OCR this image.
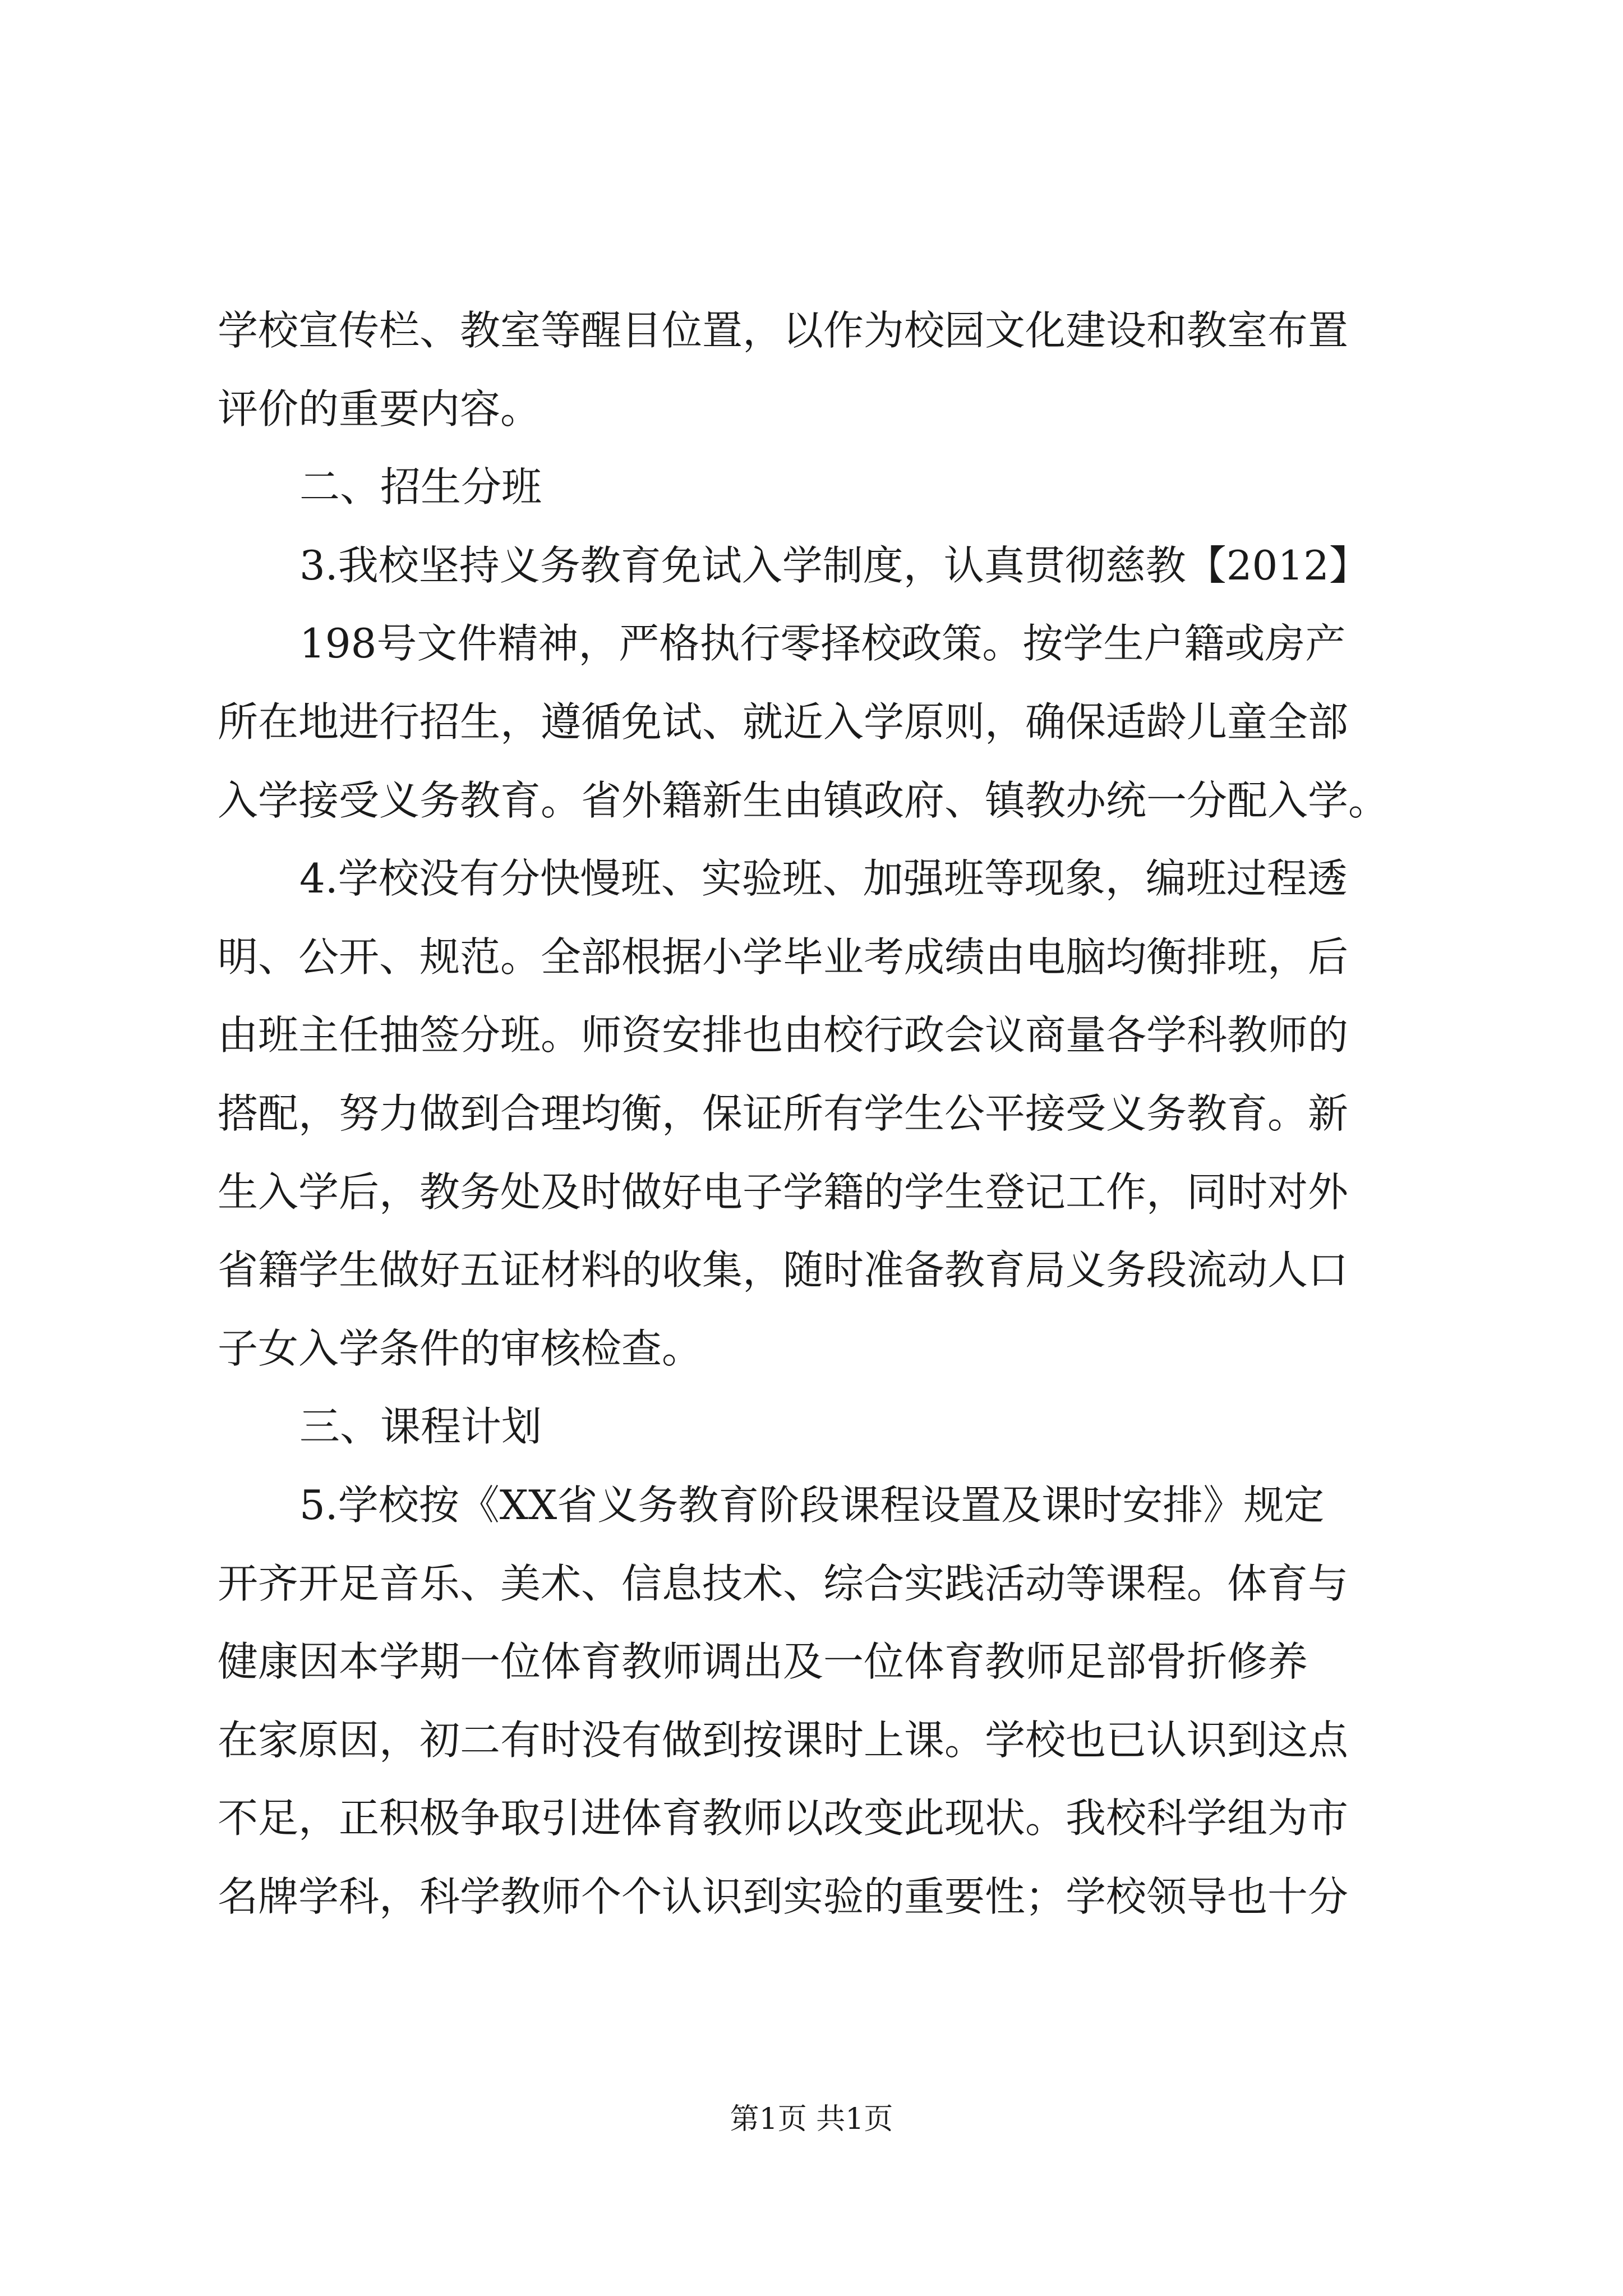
学校宣传栏、教室等醒目位置，以作为校园文化建设和教室布置
评价的重要内容。
二、招生分班
3.我校坚持义务教育免试入学制度，认真贯彻慈教【2012】
198号文件精神，严格执行零择校政策。按学生户籍或房产
所在地进行招生，遵循免试、就近入学原则，确保适龄儿童全部
入学接受义务教育。省外籍新生由镇政府、镇教办统一分配入学。
4.学校没有分快慢班、实验班、加强班等现象，编班过程透
明、公开、规范。全部根据小学毕业考成绩由电脑均衡排班，后
由班主任抽签分班。师资安排也由校行政会议商量各学科教师的
搭配，努力做到合理均衡，保证所有学生公平接受义务教育。新
生入学后，教务处及时做好电子学籍的学生登记工作，同时对外
省籍学生做好五证材料的收集，随时准备教育局义务段流动人口
子女入学条件的审核检查。
三、课程计划
5.学校按《XX省义务教育阶段课程设置及课时安排》规定
开齐开足音乐、美术、信息技术、综合实践活动等课程。体育与
健康因本学期一位体育教师调出及一位体育教师足部骨折修养
在家原因，初二有时没有做到按课时上课。学校也已认识到这点
不足，正积极争取引进体育教师以改变此现状。我校科学组为市
名牌学科，科学教师个个认识到实验的重要性；学校领导也十分
第1页 共1页
